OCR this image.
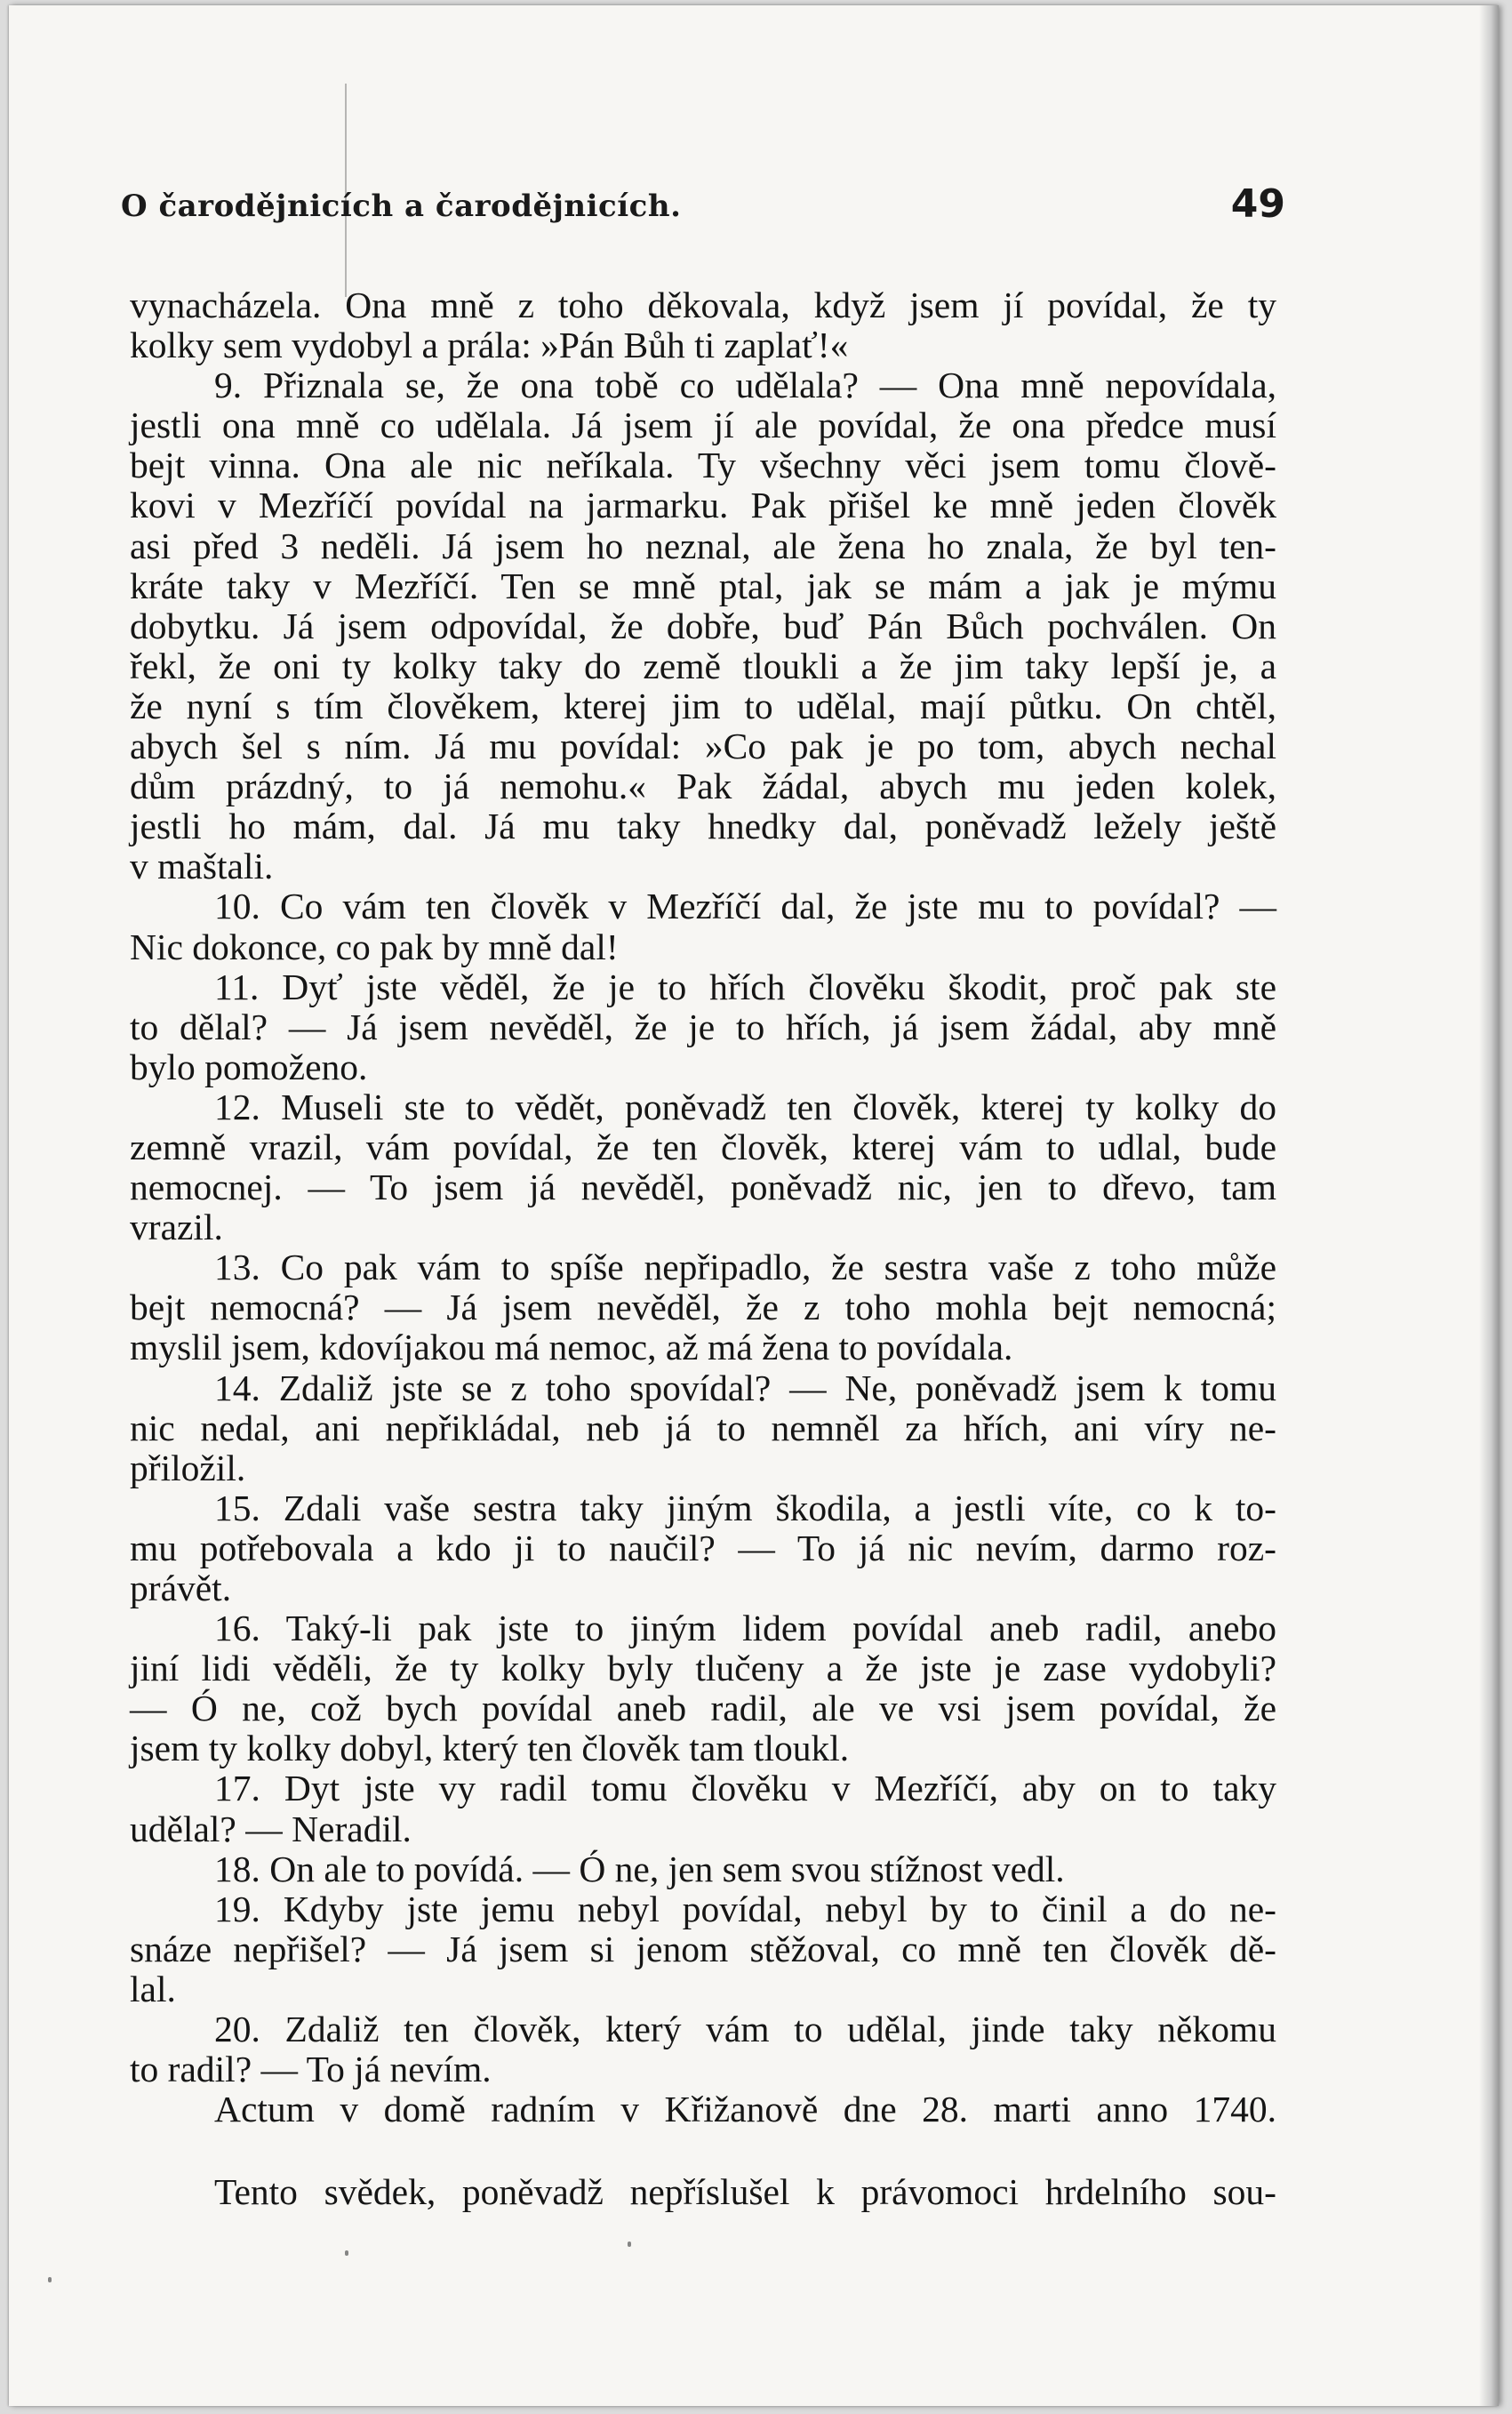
O čarodějnicích a čarodějnicích.	49
vynacházela. Ona mně z toho děkovala, když jsem jí povídal, že ty
kolky sem vydobyl a prála: »Pán Bůh ti zaplať!«
9. Přiznala se, že ona tobě co udělala? — Ona mně nepovídala,
jestli ona mně co udělala. Já jsem jí ale povídal, že ona předce musí
bejt vinna. Ona ale nic neříkala. Ty všechny věci jsem tomu člově-
kovi v Mezříčí povídal na jarmarku. Pak přišel ke mně jeden člověk
asi před 3 neděli. Já jsem ho neznal, ale žena ho znala, že byl ten-
kráte taky v Mezříčí. Ten se mně ptal, jak se mám a jak je mýmu
dobytku. Já jsem odpovídal, že dobře, buď Pán Bůch pochválen. On
řekl, že oni ty kolky taky do země tloukli a že jim taky lepší je, a
že nyní s tím člověkem, kterej jim to udělal, mají půtku. On chtěl,
abych šel s ním. Já mu povídal: »Co pak je po tom, abych nechal
dům prázdný, to já nemohu.« Pak žádal, abych mu jeden kolek,
jestli ho mám, dal. Já mu taky hnedky dal, poněvadž ležely ještě
v maštali.
10. Co vám ten člověk v Mezříčí dal, že jste mu to povídal? —
Nic dokonce, co pak by mně dal!
11. Dyť jste věděl, že je to hřích člověku škodit, proč pak ste
to dělal? — Já jsem nevěděl, že je to hřích, já jsem žádal, aby mně
bylo pomoženo.
12. Museli ste to vědět, poněvadž ten člověk, kterej ty kolky do
zemně vrazil, vám povídal, že ten člověk, kterej vám to udlal, bude
nemocnej. — To jsem já nevěděl, poněvadž nic, jen to dřevo, tam
vrazil.
13. Co pak vám to spíše nepřipadlo, že sestra vaše z toho může
bejt nemocná? — Já jsem nevěděl, že z toho mohla bejt nemocná;
myslil jsem, kdovíjakou má nemoc, až má žena to povídala.
14. Zdaliž jste se z toho spovídal? — Ne, poněvadž jsem k tomu
nic nedal, ani nepřikládal, neb já to nemněl za hřích, ani víry ne-
přiložil.
15. Zdali vaše sestra taky jiným škodila, a jestli víte, co k to-
mu potřebovala a kdo ji to naučil? — To já nic nevím, darmo roz-
právět.
16. Taký-li pak jste to jiným lidem povídal aneb radil, anebo
jiní lidi věděli, že ty kolky byly tlučeny a že jste je zase vydobyli?
— Ó ne, což bych povídal aneb radil, ale ve vsi jsem povídal, že
jsem ty kolky dobyl, který ten člověk tam tloukl.
17. Dyt jste vy radil tomu člověku v Mezříčí, aby on to taky
udělal? — Neradil.
18. On ale to povídá. — Ó ne, jen sem svou stížnost vedl.
19. Kdyby jste jemu nebyl povídal, nebyl by to činil a do ne-
snáze nepřišel? — Já jsem si jenom stěžoval, co mně ten člověk dě-
lal.
20. Zdaliž ten člověk, který vám to udělal, jinde taky někomu
to radil? — To já nevím.
Actum v domě radním v Křižanově dne 28. marti anno 1740.
Tento svědek, poněvadž nepříslušel k právomoci hrdelního sou-
